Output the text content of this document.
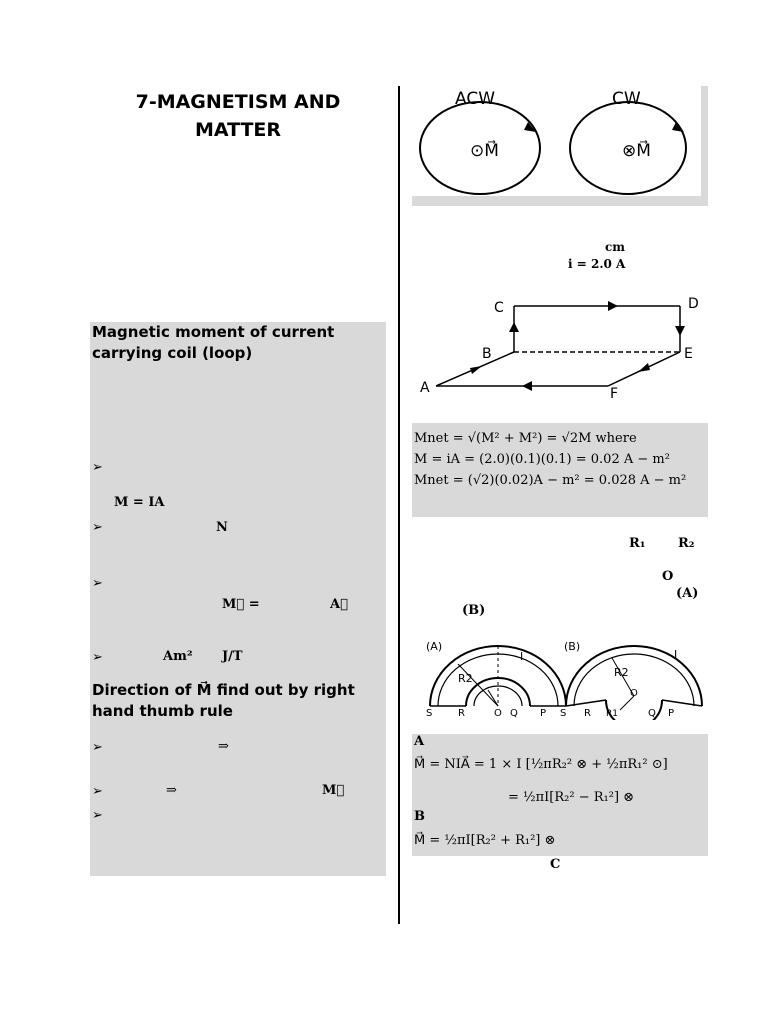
7-MAGNETISM AND
MATTER
Magnetic moment of current
carrying coil (loop)
➢
M = IA
➢	N
➢
M⃗ =	A⃗
➢	Am² J/T
Direction of M⃗ find out by right
hand thumb rule
➢	⇒
➢	⇒	M⃗
➢
ACW	CW
⊙M⃗	⊗M⃗
cm
i = 2.0 A
A
B
C	D
E
F
Mnet = √(M² + M²) = √2M where
M = iA = (2.0)(0.1)(0.1) = 0.02 A − m²
Mnet = (√2)(0.02)A − m² = 0.028 A − m²
R₁	R₂
O
(A)
(B)
(A)
I
R2
S	R	O Q P
(B)
I
R2
R1
O
S R	Q P
A
M⃗ = NIA⃗ = 1 × I [½πR₂² ⊗ + ½πR₁² ⊙]
= ½πI[R₂² − R₁²] ⊗
B
M⃗ = ½πI[R₂² + R₁²] ⊗
C
